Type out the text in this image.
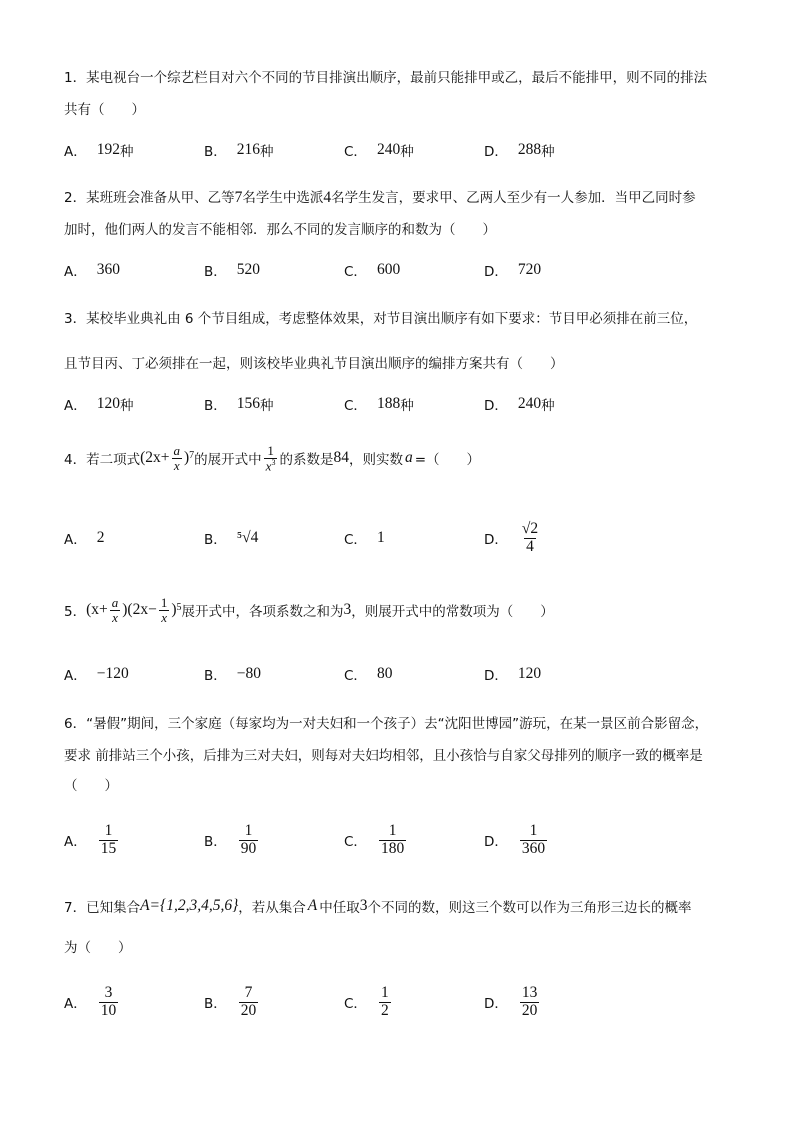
1．某电视台一个综艺栏目对六个不同的节目排演出顺序，最前只能排甲或乙，最后不能排甲，则不同的排法
共有（　　）
A． 192 种	B． 216 种	C． 240 种	D． 288 种
2．某班班会准备从甲、乙等7名学生中选派4名学生发言，要求甲、乙两人至少有一人参加．当甲乙同时参
加时，他们两人的发言不能相邻．那么不同的发言顺序的和数为（　　）
A． 360	B． 520	C． 600	D． 720
3．某校毕业典礼由 6 个节目组成，考虑整体效果，对节目演出顺序有如下要求：节目甲必须排在前三位，
且节目丙、丁必须排在一起，则该校毕业典礼节目演出顺序的编排方案共有（　　）
A． 120 种	B． 156 种	C． 188 种	D． 240 种
4．若二项式 $(2x+ \frac{a}{x} )^7$ 的展开式中 $\frac{1}{x^3}$ 的系数是 84 ，则实数 a =（　　）
A． 2	B． ⁵√4	C． 1	D． $\frac{√2}{4}$
5． $(x+ \frac{a}{x} )(2x- \frac{1}{x}$ ) 5 展开式中，各项系数之和为 3 ，则展开式中的常数项为（　　）
A． −120	B． −80	C． 80	D． 120
6．“暑假”期间，三个家庭（每家均为一对夫妇和一个孩子）去“沈阳世博园”游玩，在某一景区前合影留念，
要求 前排站三个小孩，后排为三对夫妇，则每对夫妇均相邻，且小孩恰与自家父母排列的顺序一致的概率是
（　　）
A． $\frac{1}{15}$	B． $\frac{1}{90}$	C． $\frac{1}{180}$	D． $\frac{1}{360}$
7．已知集合 A={1,2,3,4,5,6} ，若从集合 A 中任取 3 个不同的数，则这三个数可以作为三角形三边长的概率
为（　　）
A． $\frac{3}{10}$	B． $\frac{7}{20}$	C． $\frac{1}{2}$	D． $\frac{13}{20}$
